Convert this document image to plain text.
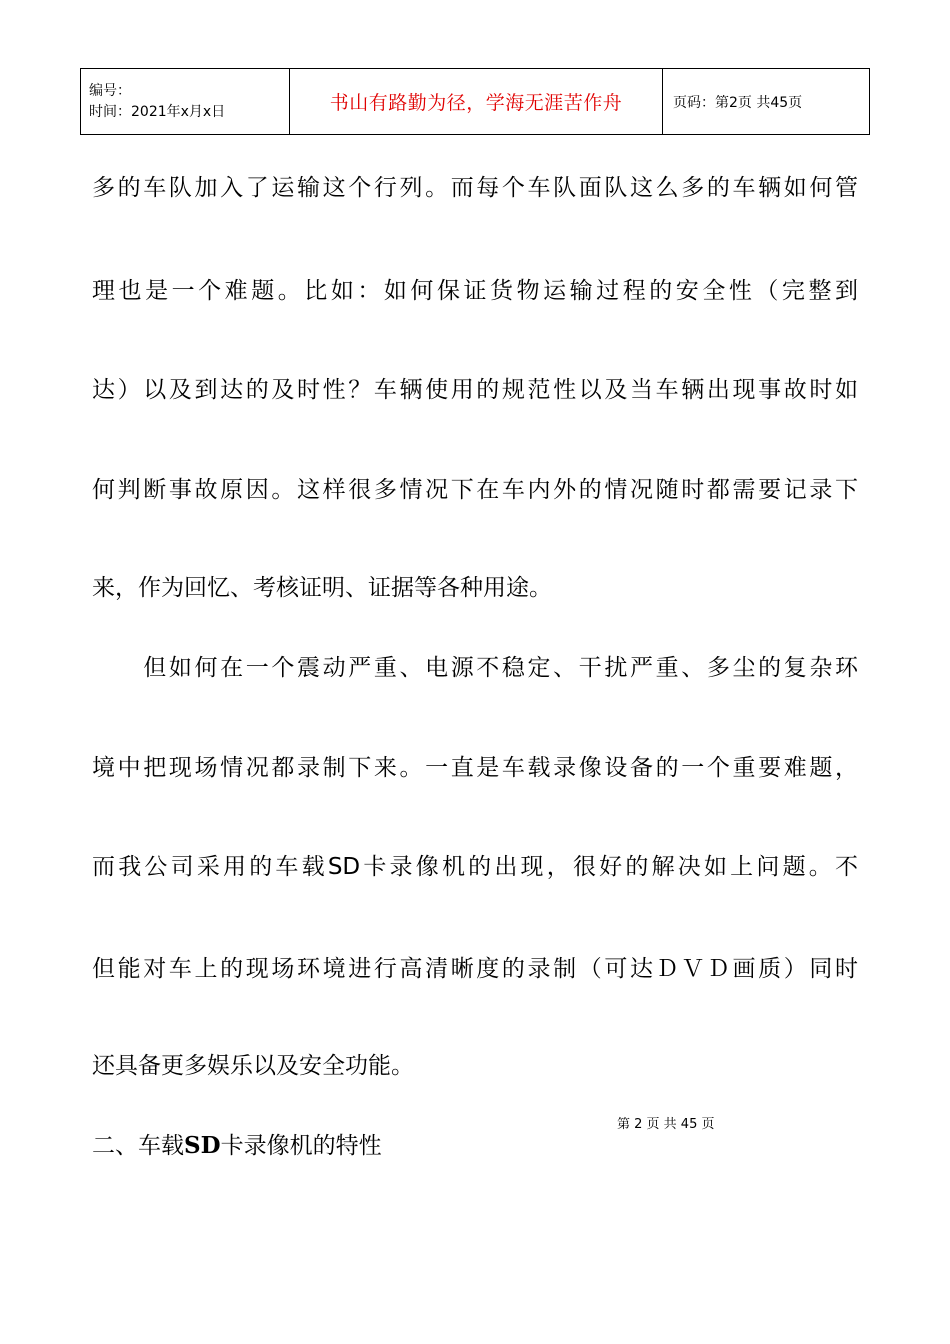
编号：
时间：2021年x月x日	书山有路勤为径，学海无涯苦作舟	页码：第2页 共45页
多的车队加入了运输这个行列。而每个车队面队这么多的车辆如何管
理也是一个难题。比如：如何保证货物运输过程的安全性（完整到
达）以及到达的及时性？车辆使用的规范性以及当车辆出现事故时如
何判断事故原因。这样很多情况下在车内外的情况随时都需要记录下
来，作为回忆、考核证明、证据等各种用途。
　　但如何在一个震动严重、电源不稳定、干扰严重、多尘的复杂环
境中把现场情况都录制下来。一直是车载录像设备的一个重要难题，
而我公司采用的车载SD卡录像机的出现，很好的解决如上问题。不
但能对车上的现场环境进行高清晰度的录制（可达ＤＶＤ画质）同时
还具备更多娱乐以及安全功能。
第 2 页 共 45 页
二、车载SD卡录像机的特性
